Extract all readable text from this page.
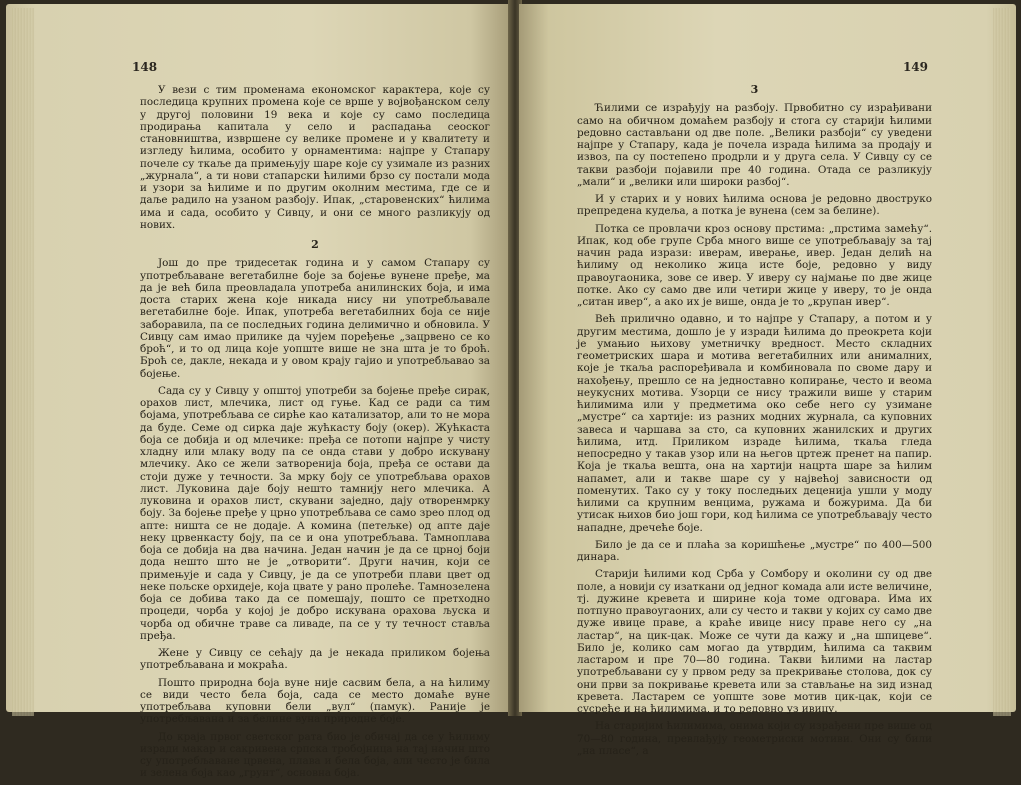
148

У вези с тим променама економског карактера, које су последица крупних промена које се врше у војвођанском селу у другој половини 19 века и које су само последица продирања капитала у село и распадања сеоског становништва, извршене су велике промене и у квалитету и изгледу ћилима, особито у орнаментима: најпре у Стапару почеле су ткаље да примењују шаре које су узимале из разних „журнала“, а ти нови стапарски ћилими брзо су постали мода и узори за ћилиме и по другим околним местима, где се и даље радило на узаном разбоју. Ипак, „старовенских“ ћилима има и сада, особито у Сивцу, и они се много разликују од нових.

2

Још до пре тридесетак година и у самом Стапару су употребљаване вегетабилне боје за бојење вунене пређе, ма да је већ била преовладала употреба анилинских боја, и има доста старих жена које никада нису ни употребљавале вегетабилне боје. Ипак, употреба вегетабилних боја се није заборавила, па се последњих година делимично и обновила. У Сивцу сам имао прилике да чујем поређење „зацрвено се ко броћ“, и то од лица које уопште више не зна шта је то броћ. Броћ се, дакле, некада и у овом крају гајио и употребљавао за бојење.

Сада су у Сивцу у општој употреби за бојење пређе сирак, орахов лист, млечика, лист од гуње. Кад се ради са тим бојама, употребљава се сирће као катализатор, али то не мора да буде. Семе од сирка даје жућкасту боју (окер). Жућкаста боја се добија и од млечике: пређа се потопи најпре у чисту хладну или млаку воду па се онда стави у добро искувану млечику. Ако се жели затворенија боја, пређа се остави да стоји дуже у течности. За мрку боју се употребљава орахов лист. Луковина даје боју нешто тамнију него млечика. А луковина и орахов лист, скувани заједно, дају отворенмрку боју. За бојење пређе у црно употребљава се само зрео плод од апте: ништа се не додаје. А комина (петељке) од апте даје неку црвенкасту боју, па се и она употребљава. Тамноплава боја се добија на два начина. Један начин је да се црној боји дода нешто што не је „отворити“. Други начин, који се примењује и сада у Сивцу, је да се употреби плави цвет од неке пољске орхидеје, која цвате у рано пролеће. Тамнозелена боја се добива тако да се помешају, пошто се претходно процеди, чорба у којој је добро искувана орахова љуска и чорба од обичне траве са ливаде, па се у ту течност ставља пређа.

Жене у Сивцу се сећају да је некада приликом бојења употребљавана и мокраћа.

Пошто природна боја вуне није сасвим бела, а на ћилиму се види често бела боја, сада се место домаће вуне употребљава куповни бели „вул“ (памук). Раније је употребљавана и за белине вуна природне боје.

До краја првог светског рата био је обичај да се у ћилиму изради макар и сакривена српска тробојница на тај начин што су употребљаване црвена, плава и бела боја, али често је била и зелена боја као „грунт“, основна боја.

149
3

Ћилими се израђују на разбоју. Првобитно су израђивани само на обичном домаћем разбоју и стога су старији ћилими редовно састављани од две поле. „Велики разбоји“ су уведени најпре у Стапару, када је почела израда ћилима за продају и извоз, па су постепено продрли и у друга села. У Сивцу су се такви разбоји појавили пре 40 година. Отада се разликују „мали“ и „велики или широки разбој“.

И у старих и у нових ћилима основа је редовно двоструко препредена кудеља, а потка је вунена (сем за белине).

Потка се провлачи кроз основу прстима: „прстима замећу“. Ипак, код обе групе Срба много више се употребљавају за тај начин рада изрази: иверам, иверање, ивер. Један делић на ћилиму од неколико жица исте боје, редовно у виду правоугаоника, зове се ивер. У иверу су најмање по две жице потке. Ако су само две или четири жице у иверу, то је онда „ситан ивер“, а ако их је више, онда је то „крупан ивер“.

Већ прилично одавно, и то најпре у Стапару, а потом и у другим местима, дошло је у изради ћилима до преокрета који је умањио њихову уметничку вредност. Место складних геометриских шара и мотива вегетабилних или анималних, које је ткаља распоређивала и комбиновала по своме дару и нахођењу, прешло се на једноставно копирање, често и веома неукусних мотива. Узорци се нису тражили више у старим ћилимима или у предметима око себе него су узимане „мустре“ са хартије: из разних модних журнала, са куповних завеса и чаршава за сто, са куповних жанилских и других ћилима, итд. Приликом израде ћилима, ткаља гледа непосредно у такав узор или на његов цртеж пренет на папир. Која је ткаља вешта, она на хартији нацрта шаре за ћилим напамет, али и такве шаре су у највећој зависности од поменутих. Тако су у току последњих деценија ушли у моду ћилими са крупним венцима, ружама и божурима. Да би утисак њихов био још гори, код ћилима се употребљавају често нападне, дречеће боје.

Било је да се и плаћа за коришћење „мустре“ по 400—500 динара.

Старији ћилими код Срба у Сомбору и околини су од две поле, а новији су изаткани од једног комада али исте величине, тј. дужине кревета и ширине која томе одговара. Има их потпуно правоугаоних, али су често и такви у којих су само две дуже ивице праве, а краће ивице нису праве него су „на ластар“, на цик-цак. Може се чути да кажу и „на шпицеве“. Било је, колико сам могао да утврдим, ћилима са таквим ластаром и пре 70—80 година. Такви ћилими на ластар употребљавани су у првом реду за прекривање столова, док су они први за покривање кревета или за стављање на зид изнад кревета. Ластарем се уопште зове мотив цик-цак, који се сусреће и на ћилимима, и то редовно уз ивицу.

На старијим ћилимима, онима који су израђени пре више од 70—80 година, превлађују геометриски мотиви. Они су били „на пласе“, а
